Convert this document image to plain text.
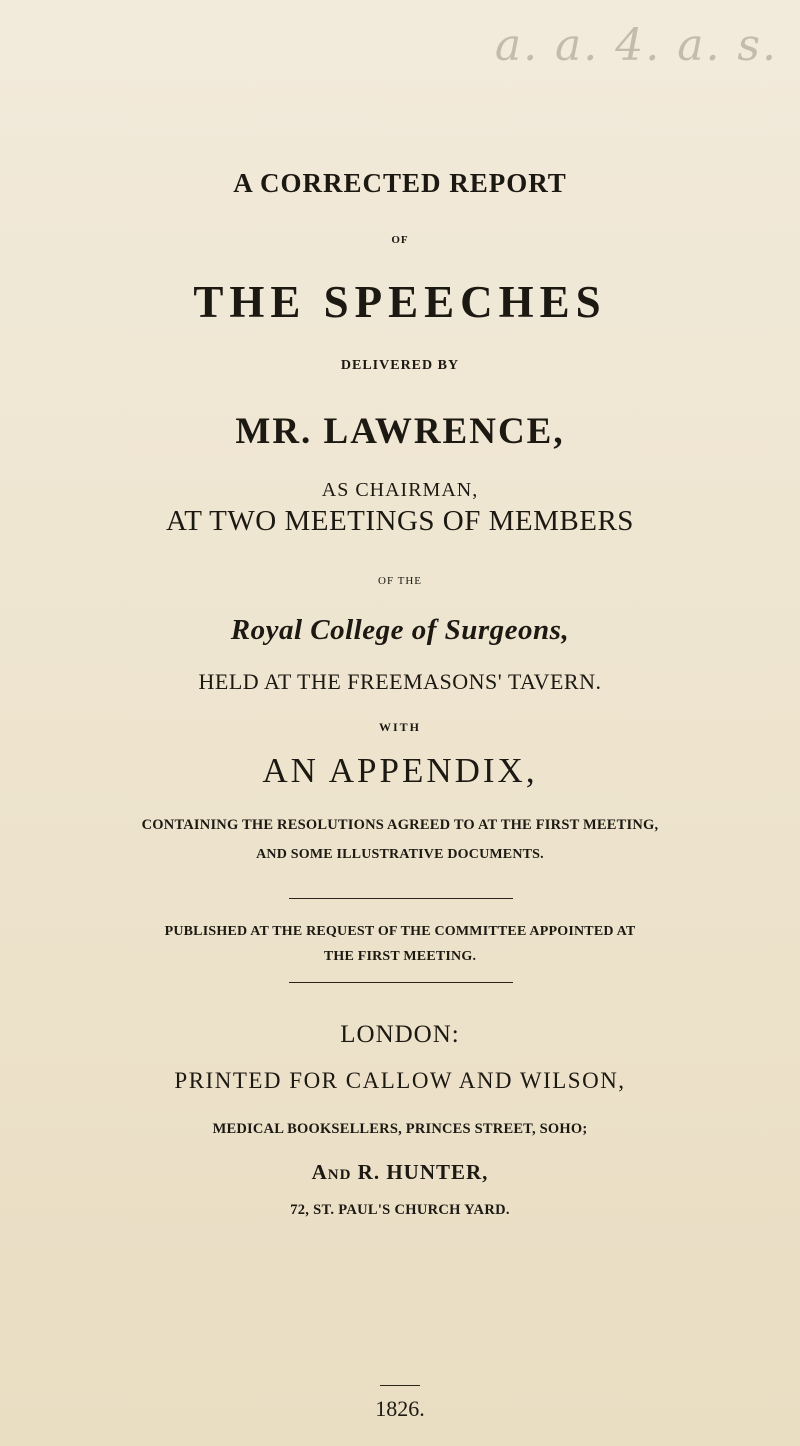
a. a. 4. a. s.
A CORRECTED REPORT
OF
THE SPEECHES
DELIVERED BY
MR. LAWRENCE,
AS CHAIRMAN,
AT TWO MEETINGS OF MEMBERS
OF THE
Royal College of Surgeons,
HELD AT THE FREEMASONS' TAVERN.
WITH
AN APPENDIX,
CONTAINING THE RESOLUTIONS AGREED TO AT THE FIRST MEETING,
AND SOME ILLUSTRATIVE DOCUMENTS.
PUBLISHED AT THE REQUEST OF THE COMMITTEE APPOINTED AT
THE FIRST MEETING.
LONDON:
PRINTED FOR CALLOW AND WILSON,
MEDICAL BOOKSELLERS, PRINCES STREET, SOHO;
And R. HUNTER,
72, ST. PAUL'S CHURCH YARD.
1826.
